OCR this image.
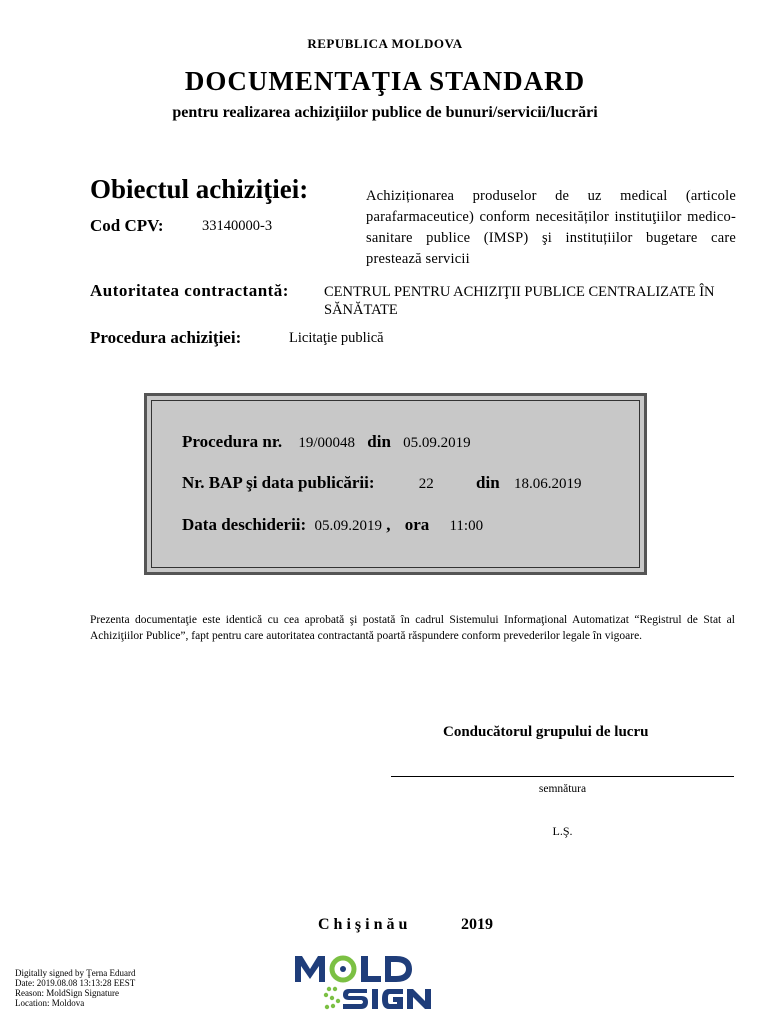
REPUBLICA MOLDOVA
DOCUMENTAŢIA STANDARD
pentru realizarea achiziţiilor publice de bunuri/servicii/lucrări
Obiectul achiziţiei:	Achiziționarea produselor de uz medical (articole parafarmaceutice) conform necesităților instituţiilor medico-sanitare publice (IMSP) şi instituțiilor bugetare care prestează servicii
Cod CPV:	33140000-3
Autoritatea contractantă: CENTRUL PENTRU ACHIZIŢII PUBLICE CENTRALIZATE ÎN SĂNĂTATE
Procedura achiziţiei:	Licitaţie publică
Procedura nr. 19/00048 din 05.09.2019
Nr. BAP şi data publicării:	22 din 18.06.2019
Data deschiderii: 05.09.2019 , ora 11:00
Prezenta documentaţie este identică cu cea aprobată şi postată în cadrul Sistemului Informaţional Automatizat “Registrul de Stat al Achiziţiilor Publice”, fapt pentru care autoritatea contractantă poartă răspundere conform prevederilor legale în vigoare.
Conducătorul grupului de lucru
semnătura
L.Ş.
Chişinău	2019
Digitally signed by Ţerna Eduard
Date: 2019.08.08 13:13:28 EEST
Reason: MoldSign Signature
Location: Moldova
